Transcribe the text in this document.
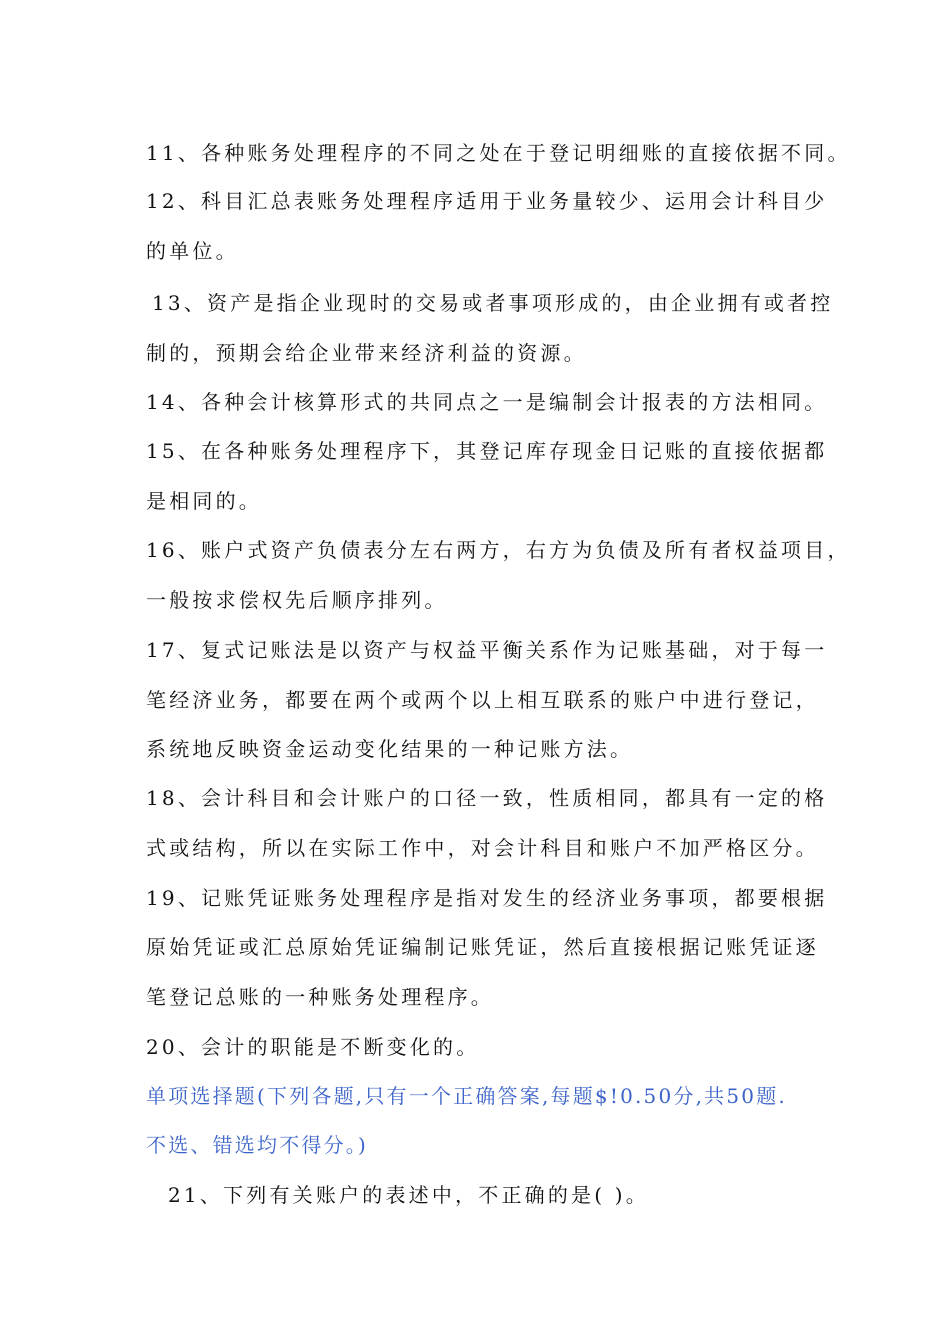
11、各种账务处理程序的不同之处在于登记明细账的直接依据不同。
12、科目汇总表账务处理程序适用于业务量较少、运用会计科目少
的单位。
13、资产是指企业现时的交易或者事项形成的，由企业拥有或者控
制的，预期会给企业带来经济利益的资源。
14、各种会计核算形式的共同点之一是编制会计报表的方法相同。
15、在各种账务处理程序下，其登记库存现金日记账的直接依据都
是相同的。
16、账户式资产负债表分左右两方，右方为负债及所有者权益项目，
一般按求偿权先后顺序排列。
17、复式记账法是以资产与权益平衡关系作为记账基础，对于每一
笔经济业务，都要在两个或两个以上相互联系的账户中进行登记，
系统地反映资金运动变化结果的一种记账方法。
18、会计科目和会计账户的口径一致，性质相同，都具有一定的格
式或结构，所以在实际工作中，对会计科目和账户不加严格区分。
19、记账凭证账务处理程序是指对发生的经济业务事项，都要根据
原始凭证或汇总原始凭证编制记账凭证，然后直接根据记账凭证逐
笔登记总账的一种账务处理程序。
20、会计的职能是不断变化的。
单项选择题(下列各题,只有一个正确答案,每题$!0.50分,共50题.
不选、错选均不得分。)
21、下列有关账户的表述中，不正确的是( )。
